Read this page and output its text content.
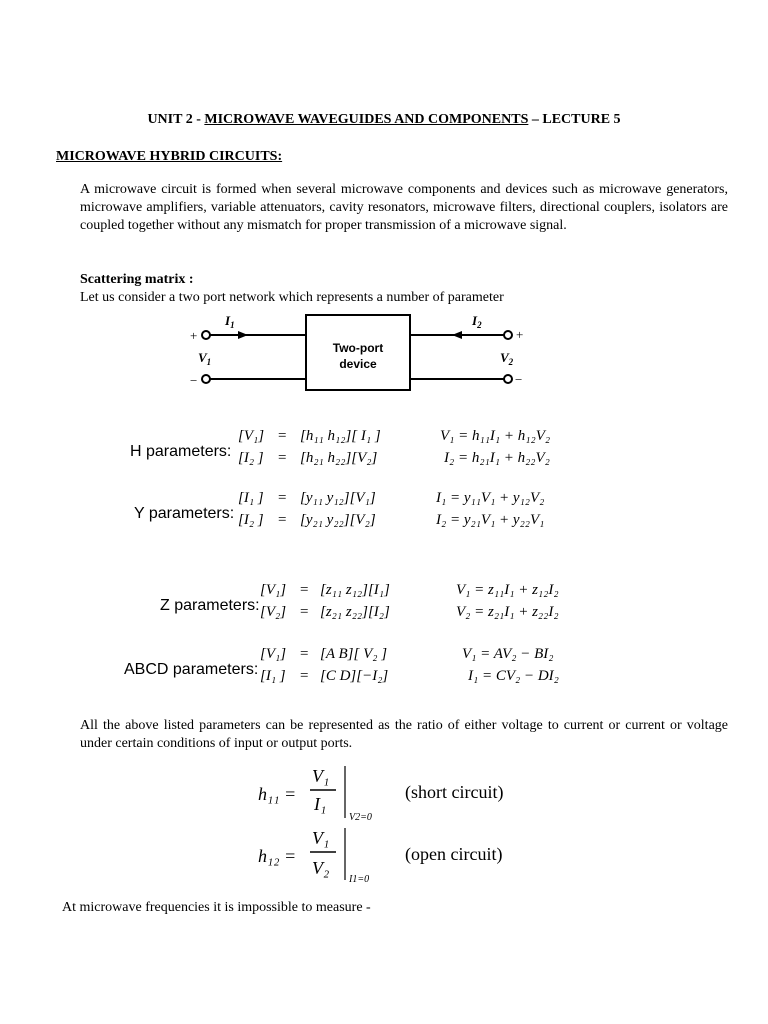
UNIT 2 - MICROWAVE WAVEGUIDES AND COMPONENTS – LECTURE 5
MICROWAVE HYBRID CIRCUITS:
A microwave circuit is formed when several microwave components and devices such as microwave generators, microwave amplifiers, variable attenuators, cavity resonators, microwave filters, directional couplers, isolators are coupled together without any mismatch for proper transmission of a microwave signal.
Scattering matrix :
Let us consider a two port network which represents a number of parameter
Two-port
device
+
−
+
−
$I_1$	$I_2$
$V_1$	$V_2$
H parameters:
[V₁]
[I₂ ]
=
=
[h₁₁ h₁₂][ I₁ ]
[h₂₁ h₂₂][V₂]
V₁ = h₁₁I₁ + h₁₂V₂
I₂ = h₂₁I₁ + h₂₂V₂
Y parameters:
[I₁ ]
[I₂ ]
=
=
[y₁₁ y₁₂][V₁]
[y₂₁ y₂₂][V₂]
I₁ = y₁₁V₁ + y₁₂V₂
I₂ = y₂₁V₁ + y₂₂V₁
Z parameters:
[V₁]
[V₂]
=
=
[z₁₁ z₁₂][I₁]
[z₂₁ z₂₂][I₂]
V₁ = z₁₁I₁ + z₁₂I₂
V₂ = z₂₁I₁ + z₂₂I₂
ABCD parameters:
[V₁]
[I₁ ]
=
=
[A B][ V₂ ]
[C D][−I₂]
V₁ = AV₂ − BI₂
I₁ = CV₂ − DI₂
All the above listed parameters can be represented as the ratio of either voltage to current or current or voltage under certain conditions of input or output ports.
h₁₁ =
V₁
I₁
V2=0
(short circuit)
h₁₂ =
V₁
V₂
I1=0
(open circuit)
At microwave frequencies it is impossible to measure -
